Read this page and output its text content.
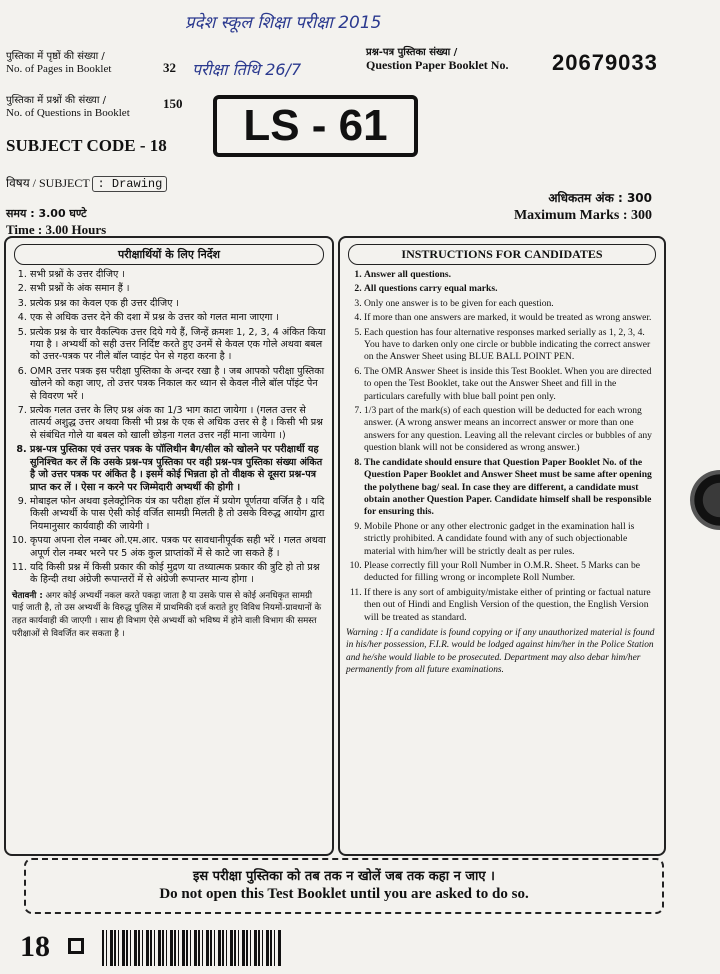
प्रदेश स्कूल शिक्षा परीक्षा 2015
परीक्षा तिथि 26/7
पुस्तिका में पृष्ठों की संख्या /
No. of Pages in Booklet	32
पुस्तिका में प्रश्नों की संख्या /
No. of Questions in Booklet
150
प्रश्न-पत्र पुस्तिका संख्या /
Question Paper Booklet No. 20679033
LS - 61
SUBJECT CODE - 18
विषय / SUBJECT : Drawing
समय : 3.00 घण्टे
Time : 3.00 Hours
अधिकतम अंक : 300
Maximum Marks : 300
परीक्षार्थियों के लिए निर्देश
1. सभी प्रश्नों के उत्तर दीजिए ।
2. सभी प्रश्नों के अंक समान हैं ।
3. प्रत्येक प्रश्न का केवल एक ही उत्तर दीजिए ।
4. एक से अधिक उत्तर देने की दशा में प्रश्न के उत्तर को गलत माना जाएगा ।
5. प्रत्येक प्रश्न के चार वैकल्पिक उत्तर दिये गये हैं, जिन्हें क्रमशः 1, 2, 3, 4 अंकित किया गया है । अभ्यर्थी को सही उत्तर निर्दिष्ट करते हुए उनमें से केवल एक गोले अथवा बबल को उत्तर-पत्रक पर नीले बॉल प्वाइंट पेन से गहरा करना है ।
6. OMR उत्तर पत्रक इस परीक्षा पुस्तिका के अन्दर रखा है । जब आपको परीक्षा पुस्तिका खोलने को कहा जाए, तो उत्तर पत्रक निकाल कर ध्यान से केवल नीले बॉल पॉइंट पेन से विवरण भरें ।
7. प्रत्येक गलत उत्तर के लिए प्रश्न अंक का 1/3 भाग काटा जायेगा । (गलत उत्तर से तात्पर्य अशुद्ध उत्तर अथवा किसी भी प्रश्न के एक से अधिक उत्तर से है । किसी भी प्रश्न से संबंधित गोले या बबल को खाली छोड़ना गलत उत्तर नहीं माना जायेगा ।)
8. प्रश्न-पत्र पुस्तिका एवं उत्तर पत्रक के पॉलिथीन बैग/सील को खोलने पर परीक्षार्थी यह सुनिश्चित कर लें कि उसके प्रश्न-पत्र पुस्तिका पर वही प्रश्न-पत्र पुस्तिका संख्या अंकित है जो उत्तर पत्रक पर अंकित है । इसमें कोई भिन्नता हो तो वीक्षक से दूसरा प्रश्न-पत्र प्राप्त कर लें । ऐसा न करने पर जिम्मेदारी अभ्यर्थी की होगी ।
9. मोबाइल फोन अथवा इलेक्ट्रोनिक यंत्र का परीक्षा हॉल में प्रयोग पूर्णतया वर्जित है । यदि किसी अभ्यर्थी के पास ऐसी कोई वर्जित सामग्री मिलती है तो उसके विरुद्ध आयोग द्वारा नियमानुसार कार्यवाही की जायेगी ।
10. कृपया अपना रोल नम्बर ओ.एम.आर. पत्रक पर सावधानीपूर्वक सही भरें । गलत अथवा अपूर्ण रोल नम्बर भरने पर 5 अंक कुल प्राप्तांकों में से काटे जा सकते हैं ।
11. यदि किसी प्रश्न में किसी प्रकार की कोई मुद्रण या तथ्यात्मक प्रकार की त्रुटि हो तो प्रश्न के हिन्दी तथा अंग्रेजी रूपान्तरों में से अंग्रेजी रूपान्तर मान्य होगा ।
चेतावनी : अगर कोई अभ्यर्थी नकल करते पकड़ा जाता है या उसके पास से कोई अनधिकृत सामग्री पाई जाती है, तो उस अभ्यर्थी के विरुद्ध पुलिस में प्राथमिकी दर्ज कराते हुए विविध नियमों-प्रावधानों के तहत कार्यवाही की जाएगी । साथ ही विभाग ऐसे अभ्यर्थी को भविष्य में होने वाली विभाग की समस्त परीक्षाओं से विवर्जित कर सकता है ।
INSTRUCTIONS FOR CANDIDATES
1. Answer all questions.
2. All questions carry equal marks.
3. Only one answer is to be given for each question.
4. If more than one answers are marked, it would be treated as wrong answer.
5. Each question has four alternative responses marked serially as 1, 2, 3, 4. You have to darken only one circle or bubble indicating the correct answer on the Answer Sheet using BLUE BALL POINT PEN.
6. The OMR Answer Sheet is inside this Test Booklet. When you are directed to open the Test Booklet, take out the Answer Sheet and fill in the particulars carefully with blue ball point pen only.
7. 1/3 part of the mark(s) of each question will be deducted for each wrong answer. (A wrong answer means an incorrect answer or more than one answers for any question. Leaving all the relevant circles or bubbles of any question blank will not be considered as wrong answer.)
8. The candidate should ensure that Question Paper Booklet No. of the Question Paper Booklet and Answer Sheet must be same after opening the polythene bag/ seal. In case they are different, a candidate must obtain another Question Paper. Candidate himself shall be responsible for ensuring this.
9. Mobile Phone or any other electronic gadget in the examination hall is strictly prohibited. A candidate found with any of such objectionable material with him/her will be strictly dealt as per rules.
10. Please correctly fill your Roll Number in O.M.R. Sheet. 5 Marks can be deducted for filling wrong or incomplete Roll Number.
11. If there is any sort of ambiguity/mistake either of printing or factual nature then out of Hindi and English Version of the question, the English Version will be treated as standard.
Warning : If a candidate is found copying or if any unauthorized material is found in his/her possession, F.I.R. would be lodged against him/her in the Police Station and he/she would liable to be prosecuted. Department may also debar him/her permanently from all future examinations.
इस परीक्षा पुस्तिका को तब तक न खोलें जब तक कहा न जाए ।
Do not open this Test Booklet until you are asked to do so.
18
